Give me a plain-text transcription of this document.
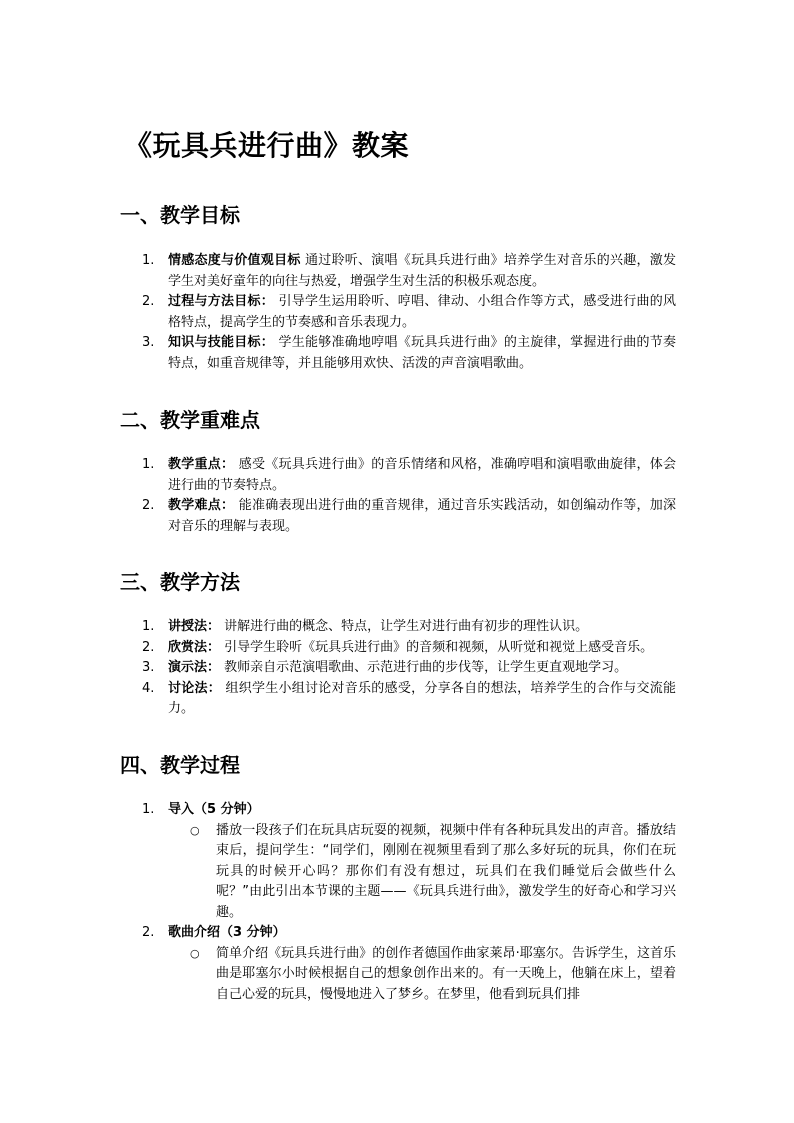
《玩具兵进行曲》教案
一、教学目标
1. 情感态度与价值观目标 通过聆听、演唱《玩具兵进行曲》培养学生对音乐的兴趣，激发学生对美好童年的向往与热爱，增强学生对生活的积极乐观态度。
2. 过程与方法目标： 引导学生运用聆听、哼唱、律动、小组合作等方式，感受进行曲的风格特点，提高学生的节奏感和音乐表现力。
3. 知识与技能目标： 学生能够准确地哼唱《玩具兵进行曲》的主旋律，掌握进行曲的节奏特点，如重音规律等，并且能够用欢快、活泼的声音演唱歌曲。
二、教学重难点
1. 教学重点： 感受《玩具兵进行曲》的音乐情绪和风格，准确哼唱和演唱歌曲旋律，体会进行曲的节奏特点。
2. 教学难点： 能准确表现出进行曲的重音规律，通过音乐实践活动，如创编动作等，加深对音乐的理解与表现。
三、教学方法
1. 讲授法： 讲解进行曲的概念、特点，让学生对进行曲有初步的理性认识。
2. 欣赏法： 引导学生聆听《玩具兵进行曲》的音频和视频，从听觉和视觉上感受音乐。
3. 演示法： 教师亲自示范演唱歌曲、示范进行曲的步伐等，让学生更直观地学习。
4. 讨论法： 组织学生小组讨论对音乐的感受，分享各自的想法，培养学生的合作与交流能力。
四、教学过程
1. 导入（5 分钟）
○ 播放一段孩子们在玩具店玩耍的视频，视频中伴有各种玩具发出的声音。播放结束后，提问学生：“同学们，刚刚在视频里看到了那么多好玩的玩具，你们在玩玩具的时候开心吗？那你们有没有想过，玩具们在我们睡觉后会做些什么呢？”由此引出本节课的主题——《玩具兵进行曲》，激发学生的好奇心和学习兴趣。
2. 歌曲介绍（3 分钟）
○ 简单介绍《玩具兵进行曲》的创作者德国作曲家莱昂·耶塞尔。告诉学生，这首乐曲是耶塞尔小时候根据自己的想象创作出来的。有一天晚上，他躺在床上，望着自己心爱的玩具，慢慢地进入了梦乡。在梦里，他看到玩具们排
